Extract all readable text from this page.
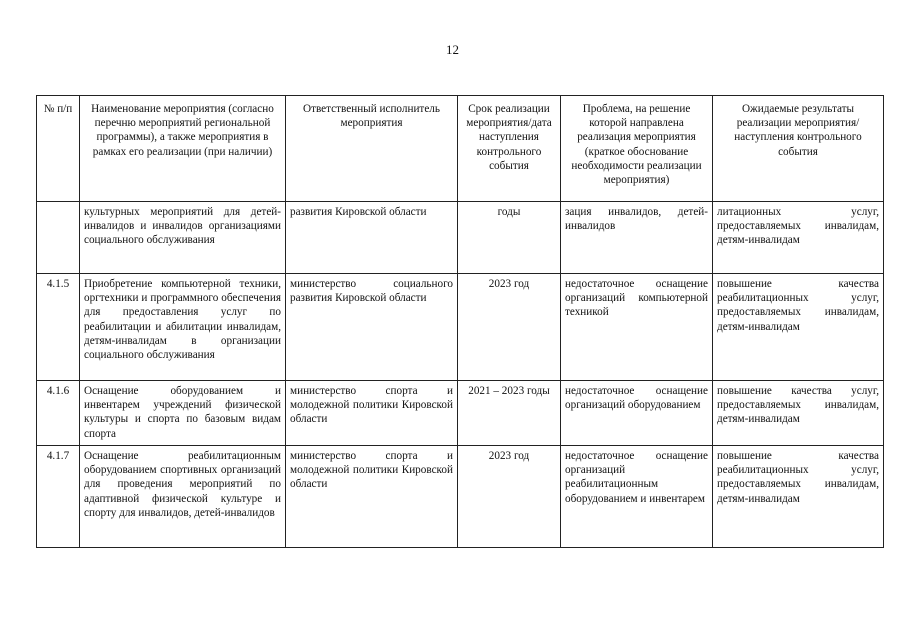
12
№ п/п	Наименование мероприятия (согласно перечню мероприятий региональной программы), а также мероприятия в рамках его реализации (при наличии)	Ответственный исполнитель мероприятия	Срок реализации мероприятия/дата наступления контрольного события	Проблема, на решение которой направлена реализация мероприятия (краткое обоснование необходимости реализации мероприятия)	Ожидаемые результаты реализации мероприятия/наступления контрольного события
	культурных мероприятий для детей-инвалидов и инвалидов организациями социального обслуживания	развития Кировской области	годы	зация инвалидов, детей-инвалидов	литационных услуг, предоставляемых инвалидам, детям-инвалидам
4.1.5	Приобретение компьютерной техники, оргтехники и программного обеспечения для предоставления услуг по реабилитации и абилитации инвалидам, детям-инвалидам в организации социального обслуживания	министерство социального развития Кировской области	2023 год	недостаточное оснащение организаций компьютерной техникой	повышение качества реабилитационных услуг, предоставляемых инвалидам, детям-инвалидам
4.1.6	Оснащение оборудованием и инвентарем учреждений физической культуры и спорта по базовым видам спорта	министерство спорта и молодежной политики Кировской области	2021 – 2023 годы	недостаточное оснащение организаций оборудованием	повышение качества услуг, предоставляемых инвалидам, детям-инвалидам
4.1.7	Оснащение реабилитационным оборудованием спортивных организаций для проведения мероприятий по адаптивной физической культуре и спорту для инвалидов, детей-инвалидов	министерство спорта и молодежной политики Кировской области	2023 год	недостаточное оснащение организаций реабилитационным оборудованием и инвентарем	повышение качества реабилитационных услуг, предоставляемых инвалидам, детям-инвалидам
